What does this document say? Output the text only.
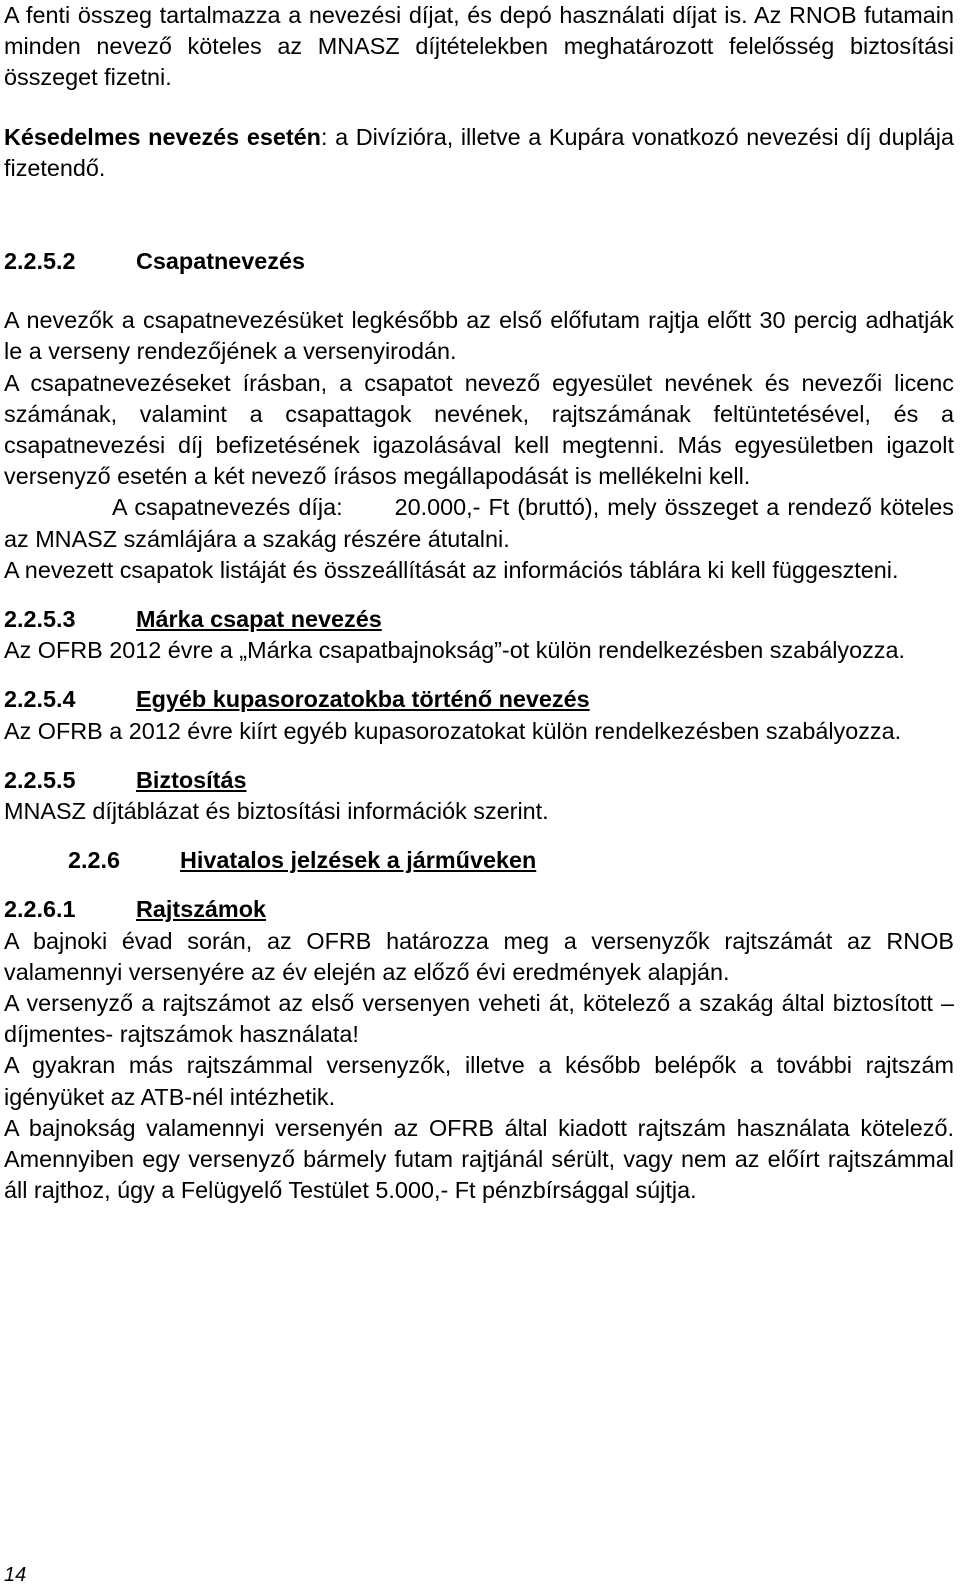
A fenti összeg tartalmazza a nevezési díjat, és depó használati díjat is. Az RNOB futamain minden nevező köteles az MNASZ díjtételekben meghatározott felelősség biztosítási összeget fizetni.

Késedelmes nevezés esetén: a Divízióra, illetve a Kupára vonatkozó nevezési díj duplája fizetendő.

2.2.5.2	Csapatnevezés

A nevezők a csapatnevezésüket legkésőbb az első előfutam rajtja előtt 30 percig adhatják le a verseny rendezőjének a versenyirodán.

A csapatnevezéseket írásban, a csapatot nevező egyesület nevének és nevezői licenc számának, valamint a csapattagok nevének, rajtszámának feltüntetésével, és a csapatnevezési díj befizetésének igazolásával kell megtenni. Más egyesületben igazolt versenyző esetén a két nevező írásos megállapodását is mellékelni kell.

A csapatnevezés díja: 20.000,- Ft (bruttó), mely összeget a rendező köteles az MNASZ számlájára a szakág részére átutalni.

A nevezett csapatok listáját és összeállítását az információs táblára ki kell függeszteni.

2.2.5.3	Márka csapat nevezés

Az OFRB 2012 évre a „Márka csapatbajnokság”-ot külön rendelkezésben szabályozza.

2.2.5.4	Egyéb kupasorozatokba történő nevezés

Az OFRB a 2012 évre kiírt egyéb kupasorozatokat külön rendelkezésben szabályozza.

2.2.5.5	Biztosítás

MNASZ díjtáblázat és biztosítási információk szerint.

2.2.6	Hivatalos jelzések a járműveken
2.2.6.1	Rajtszámok

A bajnoki évad során, az OFRB határozza meg a versenyzők rajtszámát az RNOB valamennyi versenyére az év elején az előző évi eredmények alapján.

A versenyző a rajtszámot az első versenyen veheti át, kötelező a szakág által biztosított – díjmentes- rajtszámok használata!

A gyakran más rajtszámmal versenyzők, illetve a később belépők a további rajtszám igényüket az ATB-nél intézhetik.

A bajnokság valamennyi versenyén az OFRB által kiadott rajtszám használata kötelező. Amennyiben egy versenyző bármely futam rajtjánál sérült, vagy nem az előírt rajtszámmal áll rajthoz, úgy a Felügyelő Testület 5.000,- Ft pénzbírsággal sújtja.

14
